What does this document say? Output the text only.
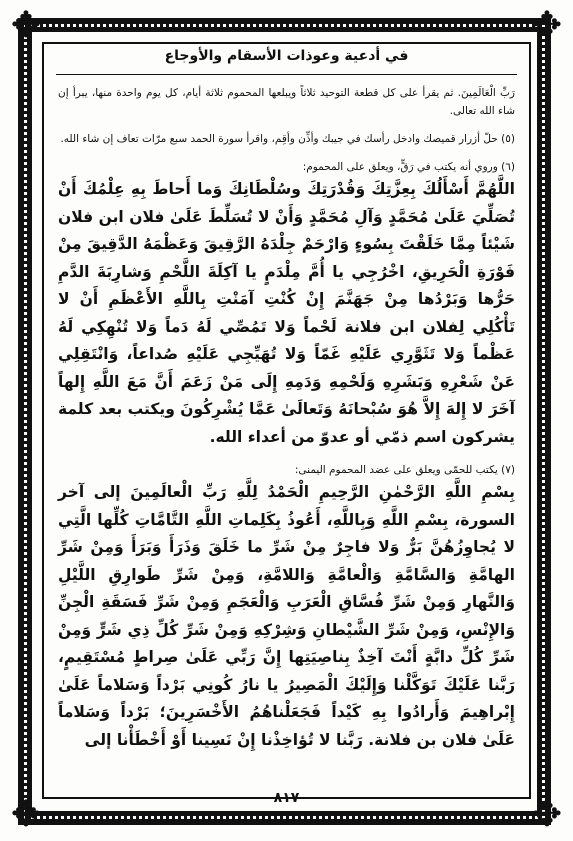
✥	✥
✥	✥
في أدعية وعوذات الأسقام والأوجاع

رَبِّ الْعَالَمِينَ. ثم يقرأ على كل قطعة التوحيد ثلاثاً ويبلعها المحموم ثلاثة أيام، كل يوم واحدة منها، يبرأ إن شاء الله تعالى.

(٥) حلّ أزرار قميصك وادخل رأسك في جيبك وأذِّن وأقِم، واقرأ سورة الحمد سبع مرّات تعاف إن شاء الله.

(٦) وروي أنه يكتب في رَقٍّ، ويعلق على المحموم:

اللَّهُمَّ أَسْأَلُكَ بِعِزَّتِكَ وَقُدْرَتِكَ وسُلْطَانِكَ وَما أَحاطَ بِهِ عِلْمُكَ أَنْ تُصَلِّيَ عَلَىٰ مُحَمَّدٍ وَآلِ مُحَمَّدٍ وَأَنْ لا تُسَلِّطَ عَلَىٰ فلان ابن فلان شَيْئاً مِمَّا خَلَقْتَ بِسُوءٍ وَارْحَمْ جِلْدَهُ الرَّقِيقَ وَعَظْمَهُ الدَّقِيقَ مِنْ فَوْرَةِ الْحَرِيقِ، اخْرُجِي يا أُمَّ مِلْدَمٍ يا آكِلَةَ اللَّحْمِ وَشارِبَةَ الدَّمِ حَرُّها وَبَرْدُها مِنْ جَهَنَّمَ إِنْ كُنْتِ آمَنْتِ بِاللَّهِ الأَعْظَمِ أَنْ لا تَأْكُلِي لِفلان ابن فلانة لَحْماً وَلا تَمُصِّي لَهُ دَماً وَلا تُنْهِكِي لَهُ عَظْماً وَلا تَثَوَّرِي عَلَيْهِ غَمّاً وَلا تُهَيِّجِي عَلَيْهِ صُداعاً، وَانْتَقِلِي عَنْ شَعْرِهِ وَبَشَرِهِ وَلَحْمِهِ وَدَمِهِ إِلَى مَنْ زَعَمَ أَنَّ مَعَ اللَّهِ إِلهاً آخَرَ لا إِلهَ إِلاَّ هُوَ سُبْحانَهُ وَتَعالَىٰ عَمَّا يُشْرِكُونَ ويكتب بعد كلمة يشركون اسم ذمّي أو عدوّ من أعداء الله.

(٧) يكتب للحمّى ويعلق على عضد المحموم اليمنى:

بِسْمِ اللَّهِ الرَّحْمٰنِ الرَّحِيمِ الْحَمْدُ لِلَّهِ رَبِّ الْعالَمِينَ إلى آخر السورة، بِسْمِ اللَّهِ وَبِاللَّهِ، أَعُوذُ بِكَلِماتِ اللَّهِ التَّامَّاتِ كُلِّها الَّتِي لا يُجاوِزُهُنَّ بَرٌّ وَلا فاجِرٌ مِنْ شَرِّ ما خَلَقَ وَذَرَأَ وَبَرَأَ وَمِنْ شَرِّ الهامَّةِ وَالسَّامَّةِ وَالْعامَّةِ وَاللامَّةِ، وَمِنْ شَرِّ طَوارِقِ اللَّيْلِ وَالنَّهارِ وَمِنْ شَرِّ فُسَّاقِ الْعَرَبِ وَالْعَجَمِ وَمِنْ شَرِّ فَسَقَةِ الْجِنِّ وَالإِنْسِ، وَمِنْ شَرِّ الشَّيْطانِ وَشِرْكِهِ وَمِنْ شَرِّ كُلِّ ذِي شَرٍّ وَمِنْ شَرِّ كُلِّ دابَّةٍ أَنْتَ آخِذٌ بِناصِيَتِها إِنَّ رَبِّي عَلَىٰ صِراطٍ مُسْتَقِيمٍ، رَبَّنا عَلَيْكَ تَوَكَّلْنا وَإِلَيْكَ الْمَصِيرُ يا نارُ كُونِي بَرْداً وَسَلاماً عَلَىٰ إِبْراهِيمَ وَأَرادُوا بِهِ كَيْداً فَجَعَلْناهُمُ الأَخْسَرِينَ؛ بَرْداً وَسَلاماً عَلَىٰ فلان بن فلانة. رَبَّنا لا تُؤاخِذْنا إِنْ نَسِينا أَوْ أَخْطَأْنا إلى

٨١٧
